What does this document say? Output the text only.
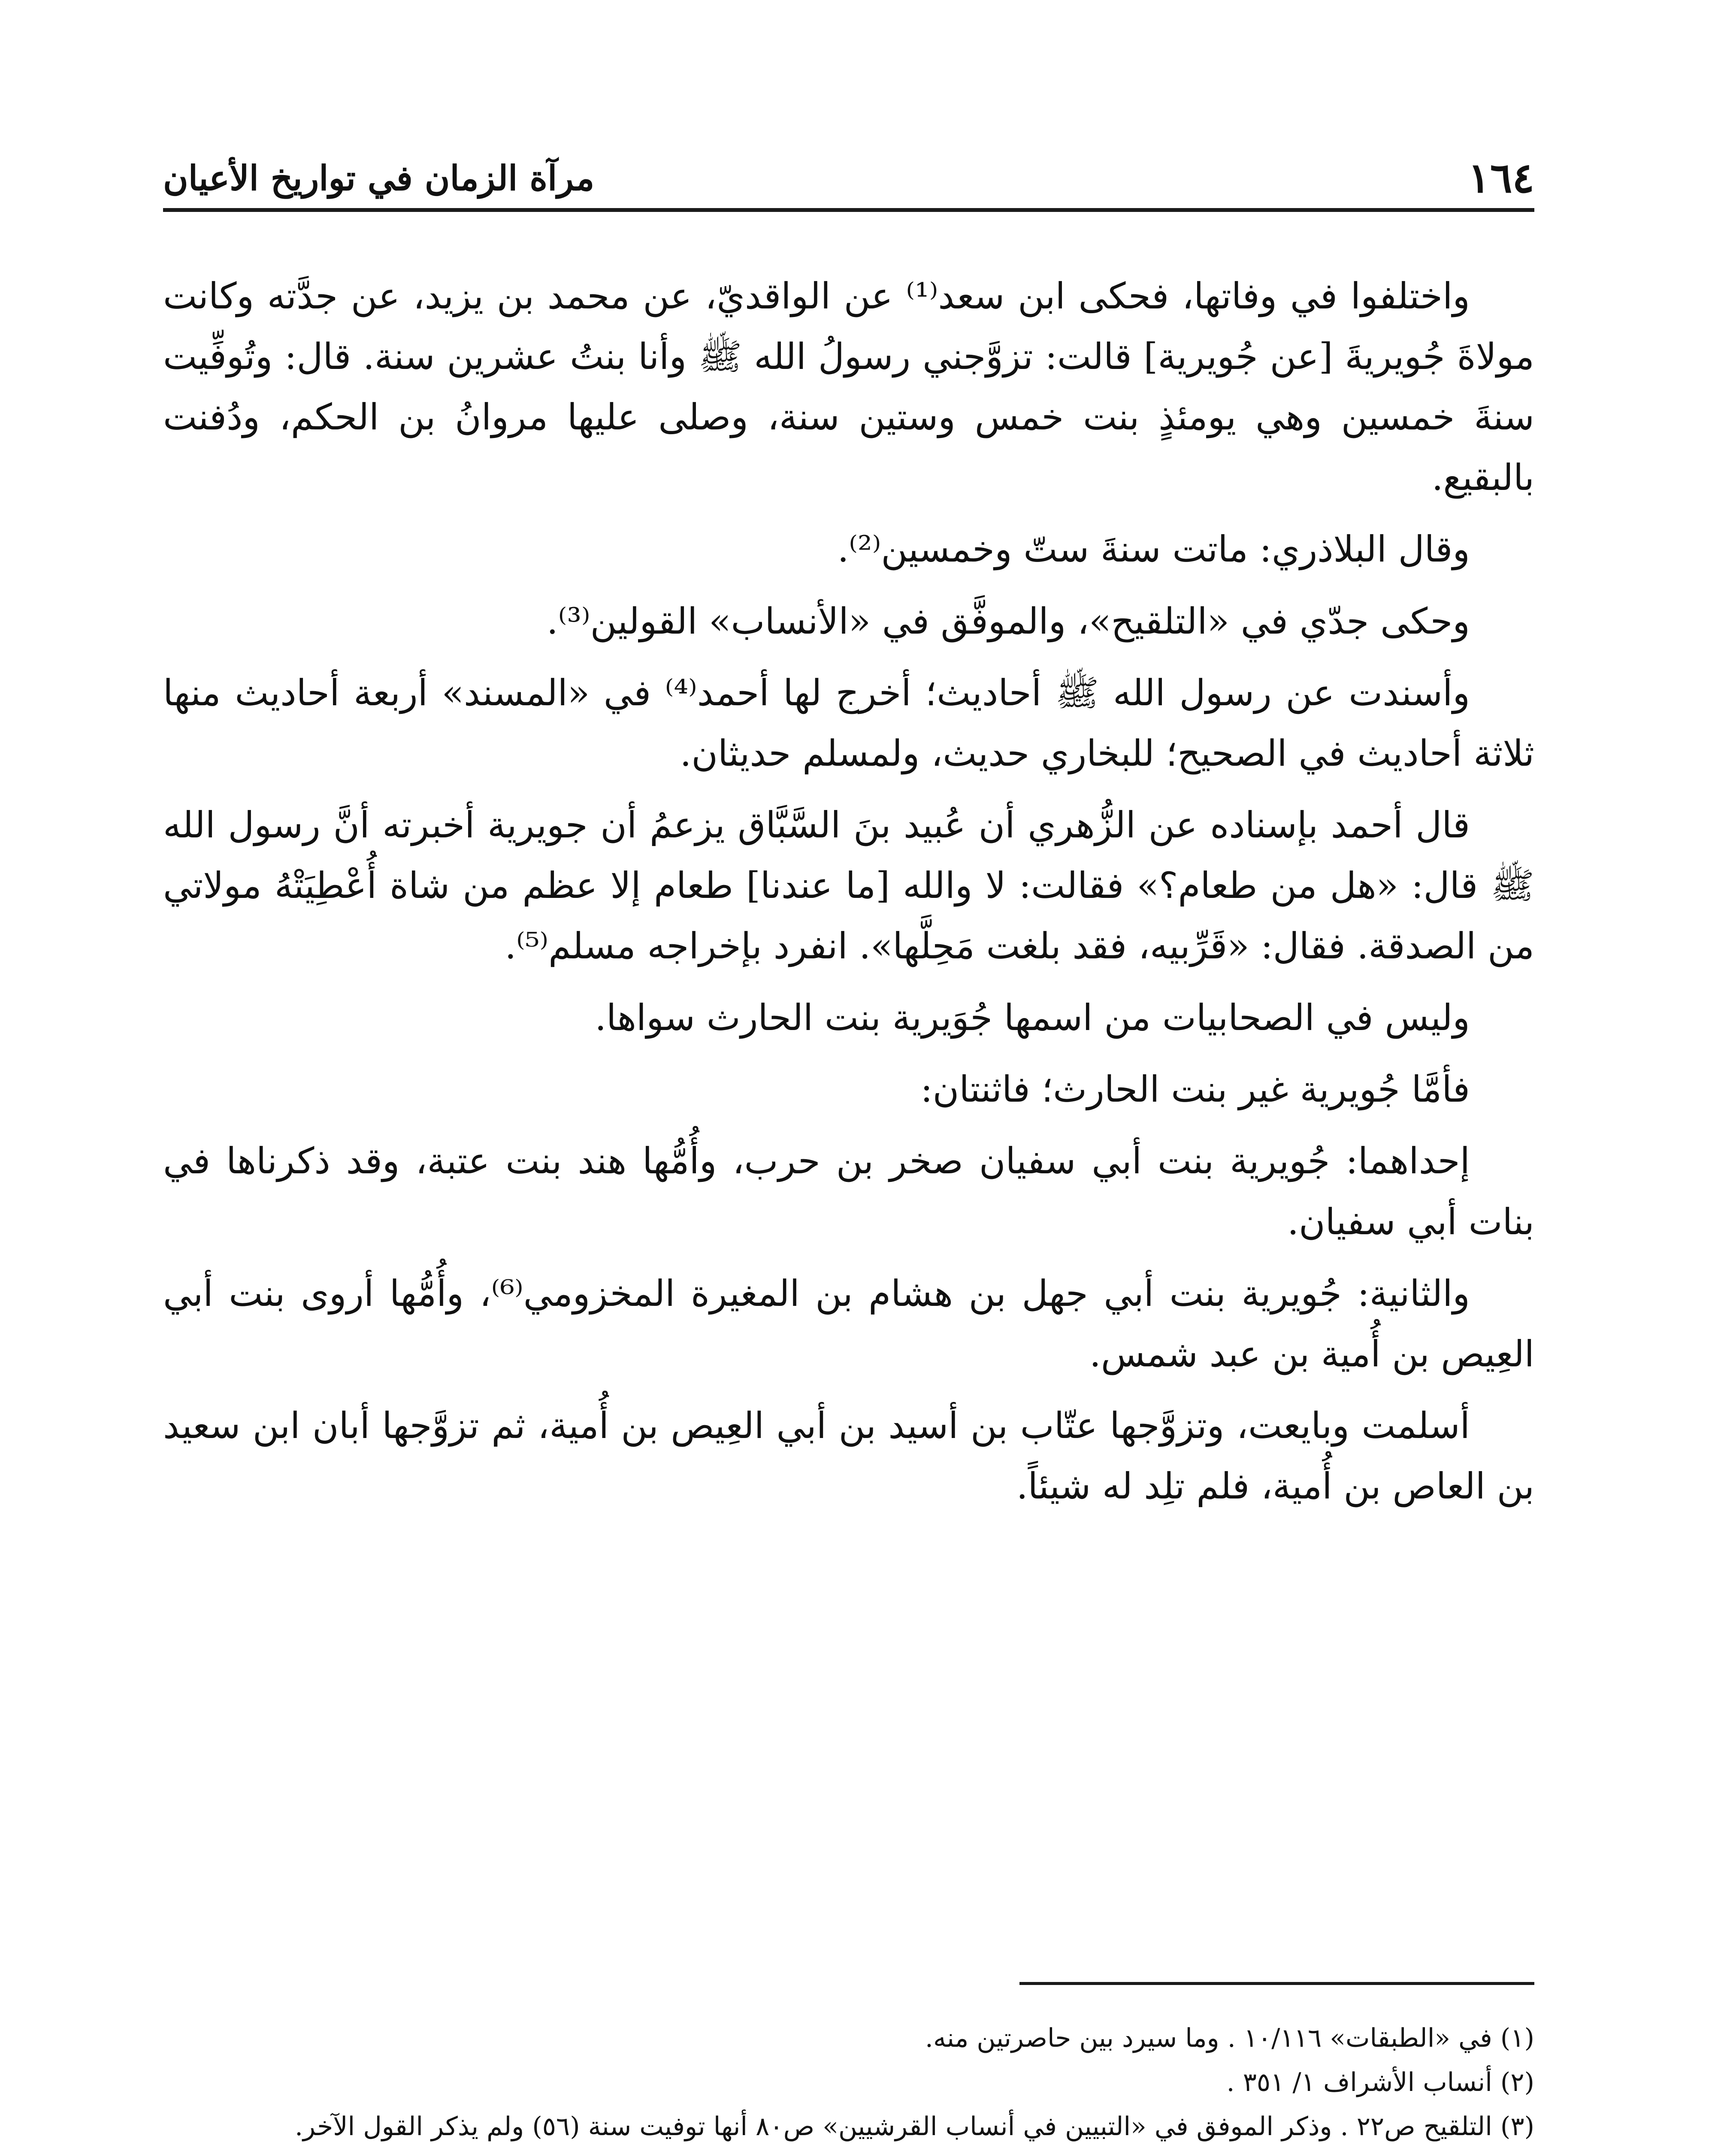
١٦٤
مرآة الزمان في تواريخ الأعيان

واختلفوا في وفاتها، فحكى ابن سعد⁽¹⁾ عن الواقديّ، عن محمد بن يزيد، عن جدَّته وكانت مولاةَ جُويريةَ [عن جُويرية] قالت: تزوَّجني رسولُ الله ﷺ وأنا بنتُ عشرين سنة. قال: وتُوفِّيت سنةَ خمسين وهي يومئذٍ بنت خمس وستين سنة، وصلى عليها مروانُ بن الحكم، ودُفنت بالبقيع.

وقال البلاذري: ماتت سنةَ ستّ وخمسين⁽²⁾.

وحكى جدّي في «التلقيح»، والموفَّق في «الأنساب» القولين⁽³⁾.

وأسندت عن رسول الله ﷺ أحاديث؛ أخرج لها أحمد⁽⁴⁾ في «المسند» أربعة أحاديث منها ثلاثة أحاديث في الصحيح؛ للبخاري حديث، ولمسلم حديثان.

قال أحمد بإسناده عن الزُّهري أن عُبيد بنَ السَّبَّاق يزعمُ أن جويرية أخبرته أنَّ رسول الله ﷺ قال: «هل من طعام؟» فقالت: لا والله [ما عندنا] طعام إلا عظم من شاة أُعْطِيَتْهُ مولاتي من الصدقة. فقال: «قَرِّبيه، فقد بلغت مَحِلَّها». انفرد بإخراجه مسلم⁽⁵⁾.

وليس في الصحابيات من اسمها جُوَيرية بنت الحارث سواها.

فأمَّا جُويرية غير بنت الحارث؛ فاثنتان:

إحداهما: جُويرية بنت أبي سفيان صخر بن حرب، وأُمُّها هند بنت عتبة، وقد ذكرناها في بنات أبي سفيان.

والثانية: جُويرية بنت أبي جهل بن هشام بن المغيرة المخزومي⁽⁶⁾، وأُمُّها أروى بنت أبي العِيص بن أُمية بن عبد شمس.

أسلمت وبايعت، وتزوَّجها عتّاب بن أسيد بن أبي العِيص بن أُمية، ثم تزوَّجها أبان ابن سعيد بن العاص بن أُمية، فلم تلِد له شيئاً.

(١) في «الطبقات» ١٠/١١٦ . وما سيرد بين حاصرتين منه.

(٢) أنساب الأشراف ١/ ٣٥١ .

(٣) التلقيح ص٢٢ . وذكر الموفق في «التبيين في أنساب القرشيين» ص٨٠ أنها توفيت سنة (٥٦) ولم يذكر القول الآخر.
